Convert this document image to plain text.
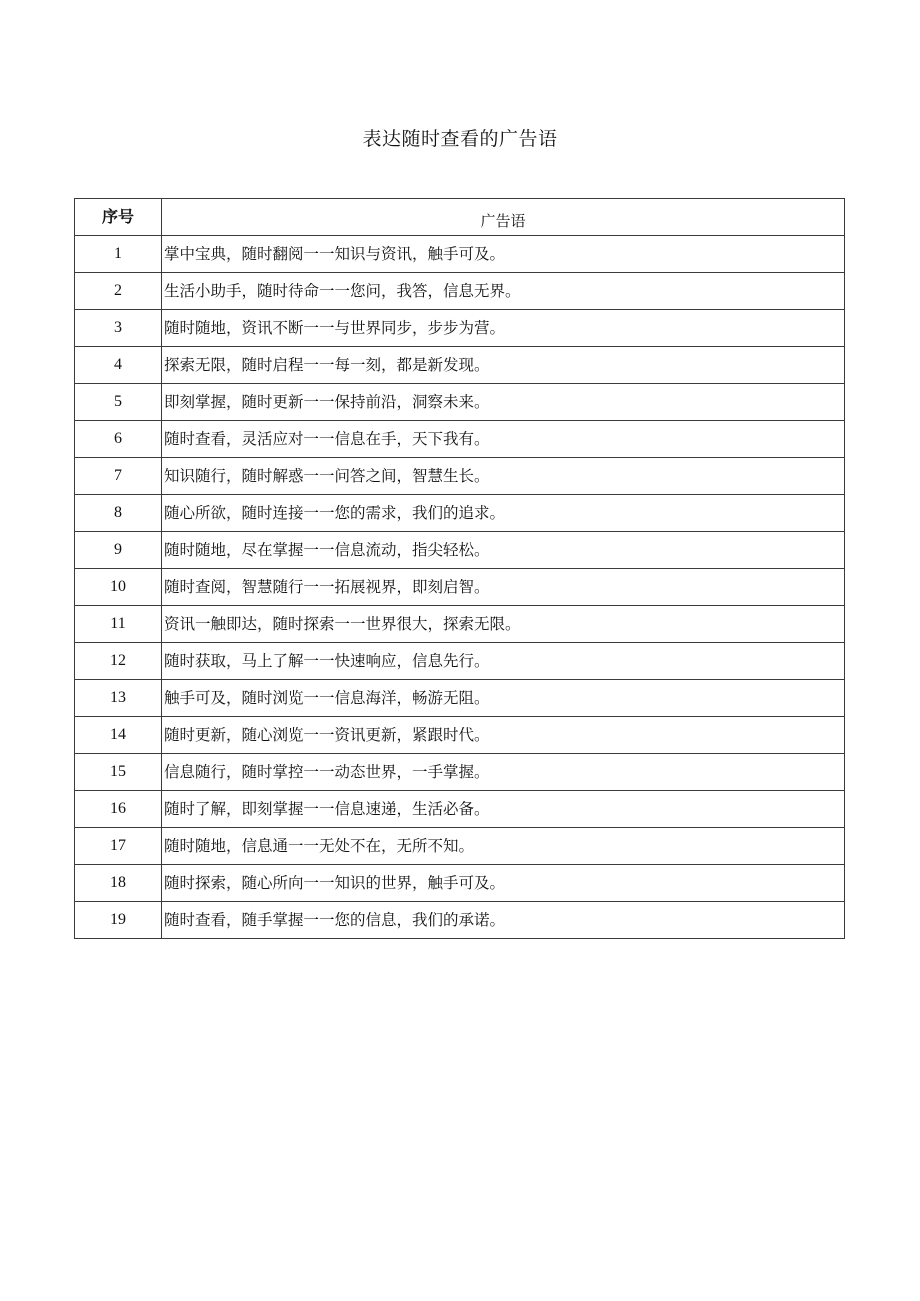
表达随时查看的广告语
序号	广告语
1	掌中宝典，随时翻阅一一知识与资讯，触手可及。
2	生活小助手，随时待命一一您问，我答，信息无界。
3	随时随地，资讯不断一一与世界同步，步步为营。
4	探索无限，随时启程一一每一刻，都是新发现。
5	即刻掌握，随时更新一一保持前沿，洞察未来。
6	随时查看，灵活应对一一信息在手，天下我有。
7	知识随行，随时解惑一一问答之间，智慧生长。
8	随心所欲，随时连接一一您的需求，我们的追求。
9	随时随地，尽在掌握一一信息流动，指尖轻松。
10	随时查阅，智慧随行一一拓展视界，即刻启智。
11	资讯一触即达，随时探索一一世界很大，探索无限。
12	随时获取，马上了解一一快速响应，信息先行。
13	触手可及，随时浏览一一信息海洋，畅游无阻。
14	随时更新，随心浏览一一资讯更新，紧跟时代。
15	信息随行，随时掌控一一动态世界，一手掌握。
16	随时了解，即刻掌握一一信息速递，生活必备。
17	随时随地，信息通一一无处不在，无所不知。
18	随时探索，随心所向一一知识的世界，触手可及。
19	随时查看，随手掌握一一您的信息，我们的承诺。
